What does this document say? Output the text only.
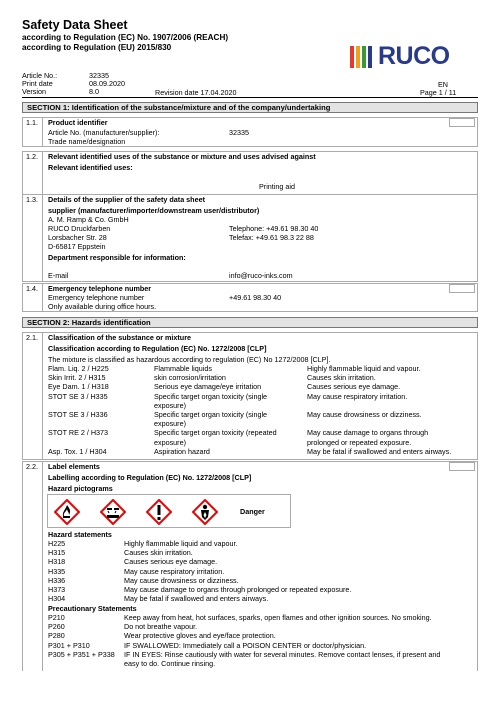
Safety Data Sheet
according to Regulation (EC) No. 1907/2006 (REACH)
according to Regulation (EU) 2015/830	RUCO
Article No.:	32335
Print date	08.09.2020
Version	8.0	Revision date 17.04.2020
EN
Page 1 / 11
SECTION 1: Identification of the substance/mixture and of the company/undertaking
1.1.	Product identifier
Article No. (manufacturer/supplier):	32335
Trade name/designation
1.2.	Relevant identified uses of the substance or mixture and uses advised against
Relevant identified uses:
Printing aid
1.3.	Details of the supplier of the safety data sheet
supplier (manufacturer/importer/downstream user/distributor)
A. M. Ramp & Co. GmbH
RUCO Druckfarben
Lorsbacher Str. 28
D-65817 Eppstein
Telephone: +49.61 98.30 40
Telefax: +49.61 98.3 22 88
Department responsible for information:
E-mail	info@ruco-inks.com
1.4.	Emergency telephone number
Emergency telephone number	+49.61 98.30 40
Only available during office hours.
SECTION 2: Hazards identification
2.1.	Classification of the substance or mixture
Classification according to Regulation (EC) No. 1272/2008 [CLP]
The mixture is classified as hazardous according to regulation (EC) No 1272/2008 [CLP].
Flam. Liq. 2 / H225	Flammable liquids	Highly flammable liquid and vapour.
Skin Irrit. 2 / H315	skin corrosion/irritation	Causes skin irritation.
Eye Dam. 1 / H318	Serious eye damage/eye irritation	Causes serious eye damage.
STOT SE 3 / H335	Specific target organ toxicity (single	May cause respiratory irritation.
exposure)
STOT SE 3 / H336	Specific target organ toxicity (single	May cause drowsiness or dizziness.
exposure)
STOT RE 2 / H373	Specific target organ toxicity (repeated	May cause damage to organs through
exposure)	prolonged or repeated exposure.
Asp. Tox. 1 / H304	Aspiration hazard	May be fatal if swallowed and enters airways.
2.2.	Label elements
Labelling according to Regulation (EC) No. 1272/2008 [CLP]
Hazard pictograms
Danger
Hazard statements
H225	Highly flammable liquid and vapour.
H315	Causes skin irritation.
H318	Causes serious eye damage.
H335	May cause respiratory irritation.
H336	May cause drowsiness or dizziness.
H373	May cause damage to organs through prolonged or repeated exposure.
H304	May be fatal if swallowed and enters airways.
Precautionary Statements
P210	Keep away from heat, hot surfaces, sparks, open flames and other ignition sources. No smoking.
P260	Do not breathe vapour.
P280	Wear protective gloves and eye/face protection.
P301 + P310	IF SWALLOWED: Immediately call a POISON CENTER or doctor/physician.
P305 + P351 + P338 IF IN EYES: Rinse cautiously with water for several minutes. Remove contact lenses, if present and
easy to do. Continue rinsing.
